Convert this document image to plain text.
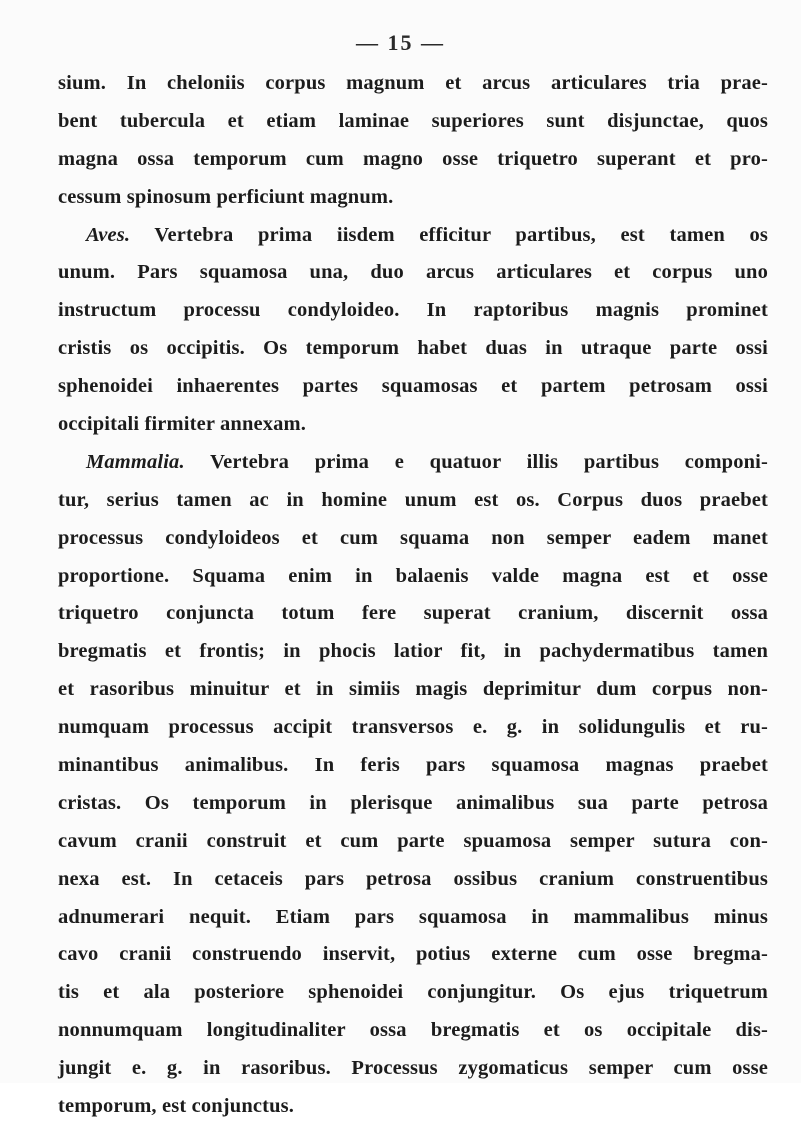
— 15 —
sium. In cheloniis corpus magnum et arcus articulares tria prae-
bent tubercula et etiam laminae superiores sunt disjunctae, quos
magna ossa temporum cum magno osse triquetro superant et pro-
cessum spinosum perficiunt magnum.
Aves. Vertebra prima iisdem efficitur partibus, est tamen os
unum. Pars squamosa una, duo arcus articulares et corpus uno
instructum processu condyloideo. In raptoribus magnis prominet
cristis os occipitis. Os temporum habet duas in utraque parte ossi
sphenoidei inhaerentes partes squamosas et partem petrosam ossi
occipitali firmiter annexam.
Mammalia. Vertebra prima e quatuor illis partibus componi-
tur, serius tamen ac in homine unum est os. Corpus duos praebet
processus condyloideos et cum squama non semper eadem manet
proportione. Squama enim in balaenis valde magna est et osse
triquetro conjuncta totum fere superat cranium, discernit ossa
bregmatis et frontis; in phocis latior fit, in pachydermatibus tamen
et rasoribus minuitur et in simiis magis deprimitur dum corpus non-
numquam processus accipit transversos e. g. in solidungulis et ru-
minantibus animalibus. In feris pars squamosa magnas praebet
cristas. Os temporum in plerisque animalibus sua parte petrosa
cavum cranii construit et cum parte spuamosa semper sutura con-
nexa est. In cetaceis pars petrosa ossibus cranium construentibus
adnumerari nequit. Etiam pars squamosa in mammalibus minus
cavo cranii construendo inservit, potius externe cum osse bregma-
tis et ala posteriore sphenoidei conjungitur. Os ejus triquetrum
nonnumquam longitudinaliter ossa bregmatis et os occipitale dis-
jungit e. g. in rasoribus. Processus zygomaticus semper cum osse
temporum, est conjunctus.
